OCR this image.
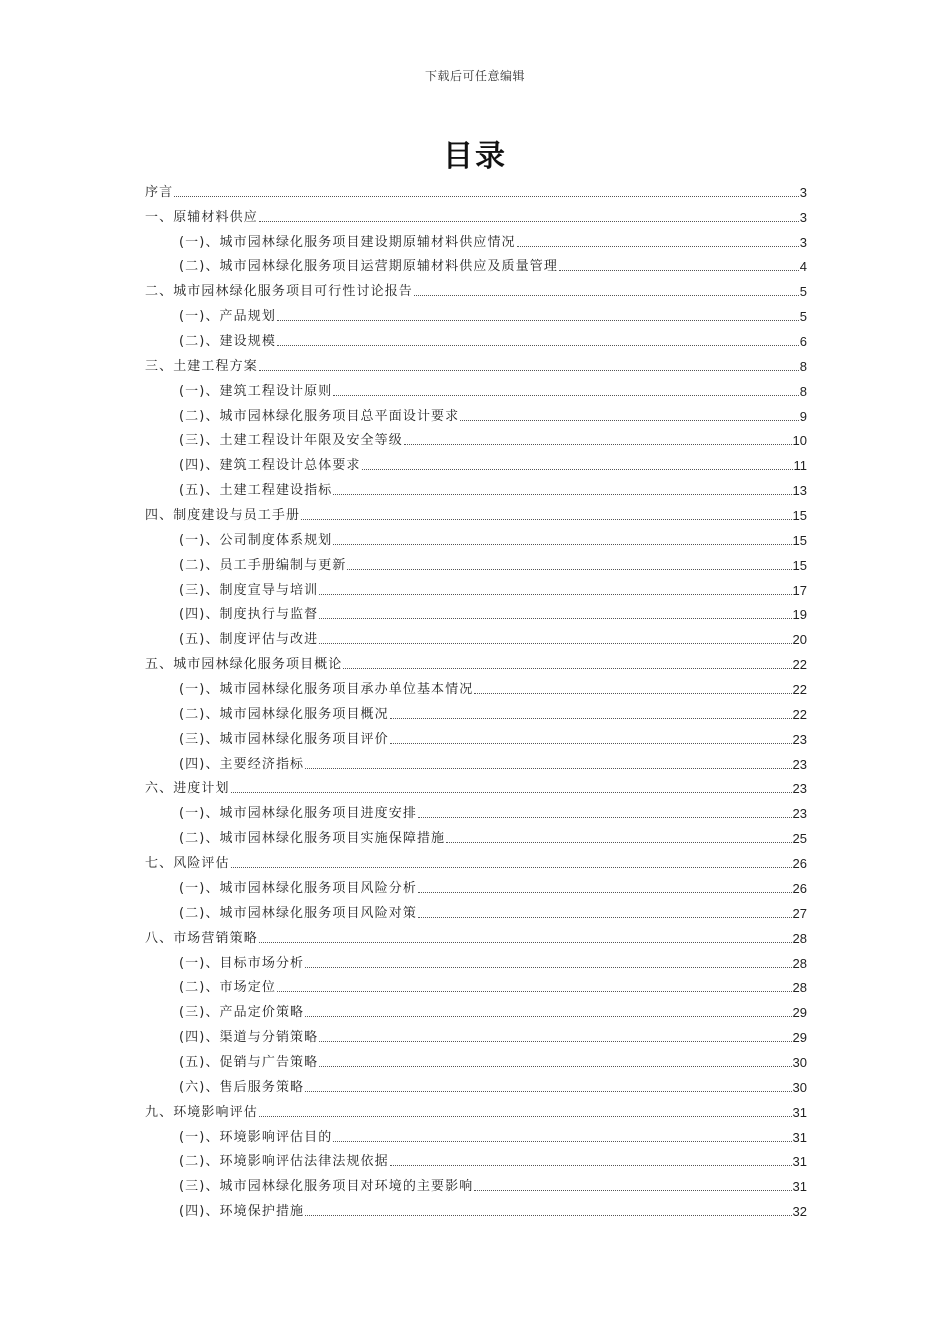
下载后可任意编辑
目录
序言	3
一、原辅材料供应	3
(一)、城市园林绿化服务项目建设期原辅材料供应情况	3
(二)、城市园林绿化服务项目运营期原辅材料供应及质量管理	4
二、城市园林绿化服务项目可行性讨论报告	5
(一)、产品规划	5
(二)、建设规模	6
三、土建工程方案	8
(一)、建筑工程设计原则	8
(二)、城市园林绿化服务项目总平面设计要求	9
(三)、土建工程设计年限及安全等级	10
(四)、建筑工程设计总体要求	11
(五)、土建工程建设指标	13
四、制度建设与员工手册	15
(一)、公司制度体系规划	15
(二)、员工手册编制与更新	15
(三)、制度宣导与培训	17
(四)、制度执行与监督	19
(五)、制度评估与改进	20
五、城市园林绿化服务项目概论	22
(一)、城市园林绿化服务项目承办单位基本情况	22
(二)、城市园林绿化服务项目概况	22
(三)、城市园林绿化服务项目评价	23
(四)、主要经济指标	23
六、进度计划	23
(一)、城市园林绿化服务项目进度安排	23
(二)、城市园林绿化服务项目实施保障措施	25
七、风险评估	26
(一)、城市园林绿化服务项目风险分析	26
(二)、城市园林绿化服务项目风险对策	27
八、市场营销策略	28
(一)、目标市场分析	28
(二)、市场定位	28
(三)、产品定价策略	29
(四)、渠道与分销策略	29
(五)、促销与广告策略	30
(六)、售后服务策略	30
九、环境影响评估	31
(一)、环境影响评估目的	31
(二)、环境影响评估法律法规依据	31
(三)、城市园林绿化服务项目对环境的主要影响	31
(四)、环境保护措施	32
